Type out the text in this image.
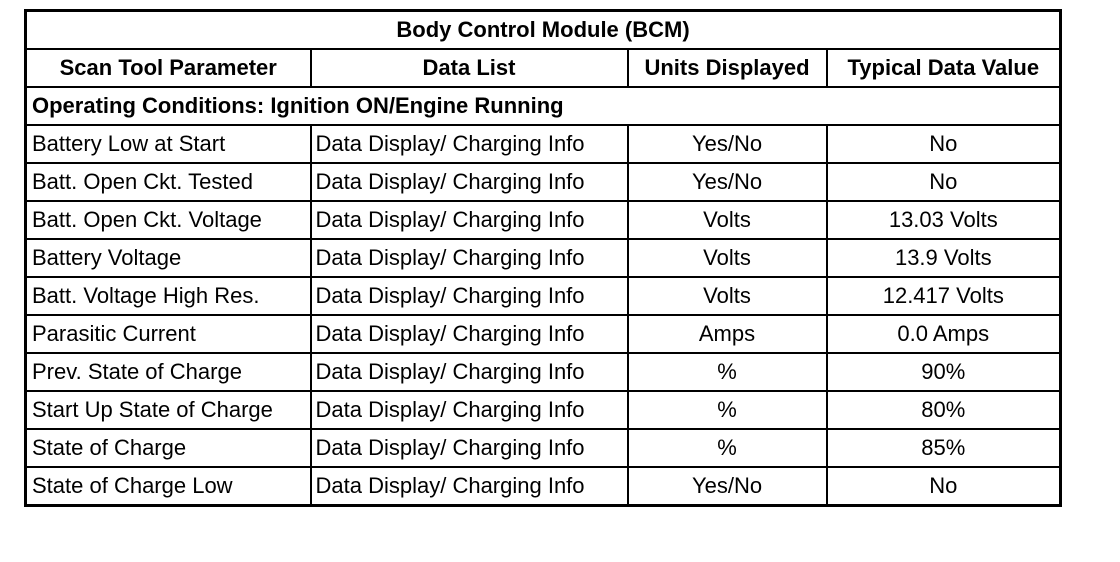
Body Control Module (BCM)			
Scan Tool Parameter	Data List	Units Displayed	Typical Data Value
Operating Conditions: Ignition ON/Engine Running			
Battery Low at Start	Data Display/ Charging Info	Yes/No	No
Batt. Open Ckt. Tested	Data Display/ Charging Info	Yes/No	No
Batt. Open Ckt. Voltage	Data Display/ Charging Info	Volts	13.03 Volts
Battery Voltage	Data Display/ Charging Info	Volts	13.9 Volts
Batt. Voltage High Res.	Data Display/ Charging Info	Volts	12.417 Volts
Parasitic Current	Data Display/ Charging Info	Amps	0.0 Amps
Prev. State of Charge	Data Display/ Charging Info	%	90%
Start Up State of Charge	Data Display/ Charging Info	%	80%
State of Charge	Data Display/ Charging Info	%	85%
State of Charge Low	Data Display/ Charging Info	Yes/No	No
